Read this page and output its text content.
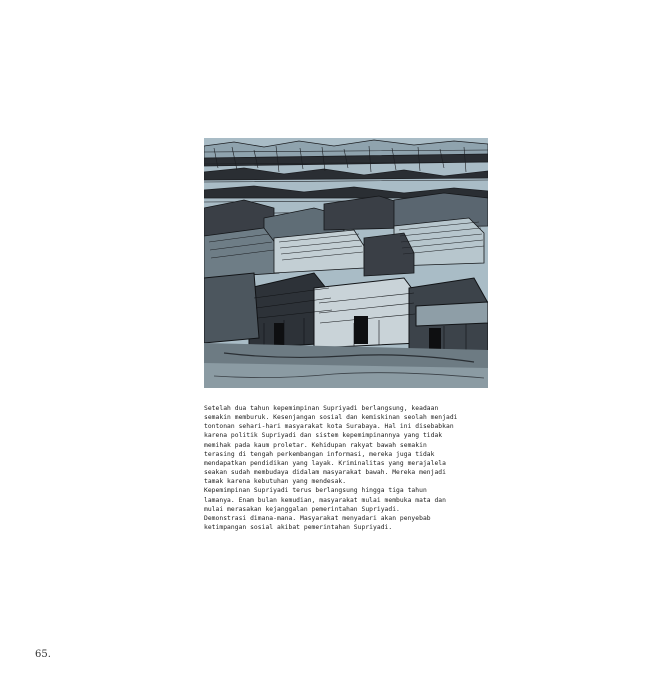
Setelah dua tahun kepemimpinan Supriyadi berlangsung, keadaan
semakin memburuk. Kesenjangan sosial dan kemiskinan seolah menjadi
tontonan sehari-hari masyarakat kota Surabaya. Hal ini disebabkan
karena politik Supriyadi dan sistem kepemimpinannya yang tidak
memihak pada kaum proletar. Kehidupan rakyat bawah semakin
terasing di tengah perkembangan informasi, mereka juga tidak
mendapatkan pendidikan yang layak. Kriminalitas yang merajalela
seakan sudah membudaya didalam masyarakat bawah. Mereka menjadi
tamak karena kebutuhan yang mendesak.
Kepemimpinan Supriyadi terus berlangsung hingga tiga tahun
lamanya. Enam bulan kemudian, masyarakat mulai membuka mata dan
mulai merasakan kejanggalan pemerintahan Supriyadi.
Demonstrasi dimana-mana. Masyarakat menyadari akan penyebab
ketimpangan sosial akibat pemerintahan Supriyadi.
65.
